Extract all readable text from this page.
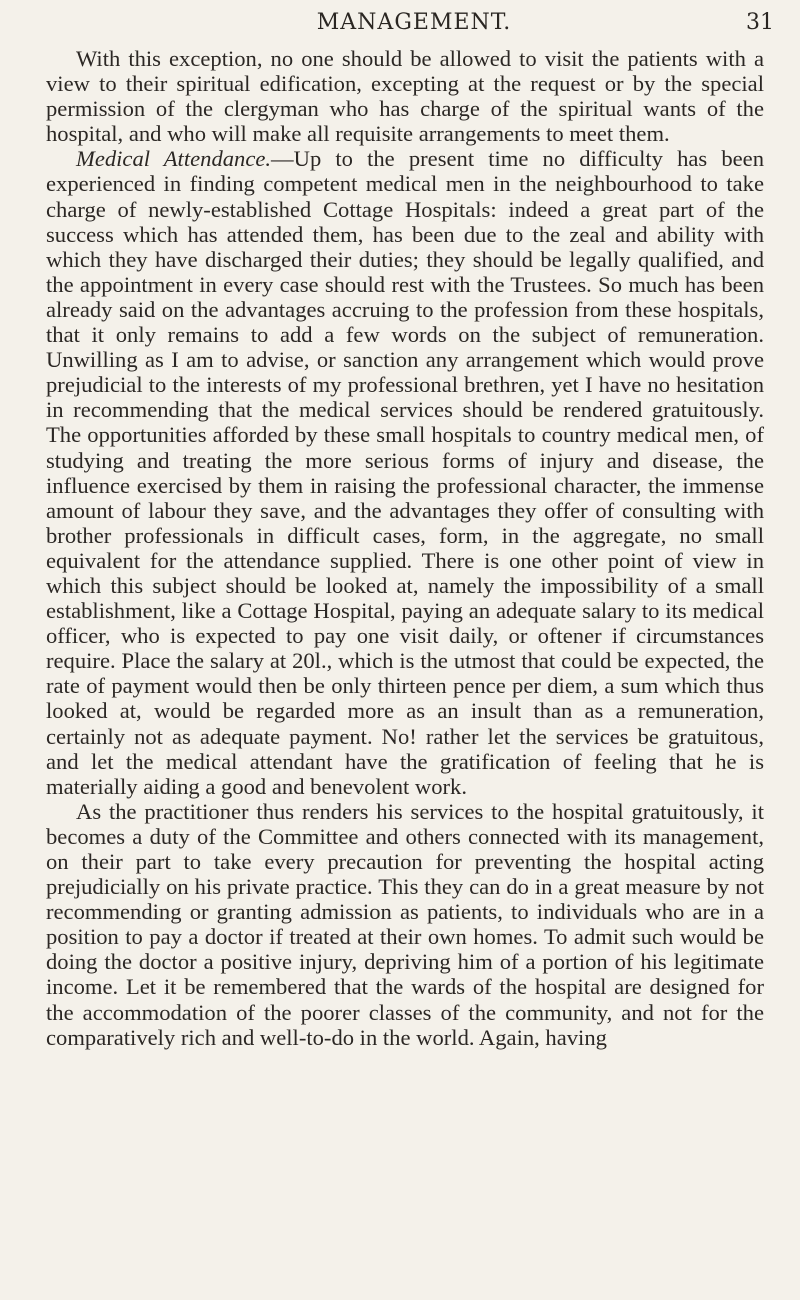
MANAGEMENT.	31

With this exception, no one should be allowed to visit the patients with a view to their spiritual edification, excepting at the request or by the special permission of the clergyman who has charge of the spiritual wants of the hospital, and who will make all requisite arrangements to meet them.

Medical Attendance.—Up to the present time no difficulty has been experienced in finding competent medical men in the neighbourhood to take charge of newly-established Cottage Hospitals: indeed a great part of the success which has attended them, has been due to the zeal and ability with which they have discharged their duties; they should be legally qualified, and the appointment in every case should rest with the Trustees. So much has been already said on the advantages accruing to the profession from these hospitals, that it only remains to add a few words on the subject of remuneration. Unwilling as I am to advise, or sanction any arrangement which would prove prejudicial to the interests of my professional brethren, yet I have no hesitation in recommending that the medical services should be rendered gratuitously. The opportunities afforded by these small hospitals to country medical men, of studying and treating the more serious forms of injury and disease, the influence exercised by them in raising the professional character, the immense amount of labour they save, and the advantages they offer of consulting with brother professionals in difficult cases, form, in the aggregate, no small equivalent for the attendance supplied. There is one other point of view in which this subject should be looked at, namely the impossibility of a small establishment, like a Cottage Hospital, paying an adequate salary to its medical officer, who is expected to pay one visit daily, or oftener if circumstances require. Place the salary at 20l., which is the utmost that could be expected, the rate of payment would then be only thirteen pence per diem, a sum which thus looked at, would be regarded more as an insult than as a remuneration, certainly not as adequate payment. No! rather let the services be gratuitous, and let the medical attendant have the gratification of feeling that he is materially aiding a good and benevolent work.

As the practitioner thus renders his services to the hospital gratuitously, it becomes a duty of the Committee and others connected with its management, on their part to take every precaution for preventing the hospital acting prejudicially on his private practice. This they can do in a great measure by not recommending or granting admission as patients, to individuals who are in a position to pay a doctor if treated at their own homes. To admit such would be doing the doctor a positive injury, depriving him of a portion of his legitimate income. Let it be remembered that the wards of the hospital are designed for the accommodation of the poorer classes of the community, and not for the comparatively rich and well-to-do in the world. Again, having
